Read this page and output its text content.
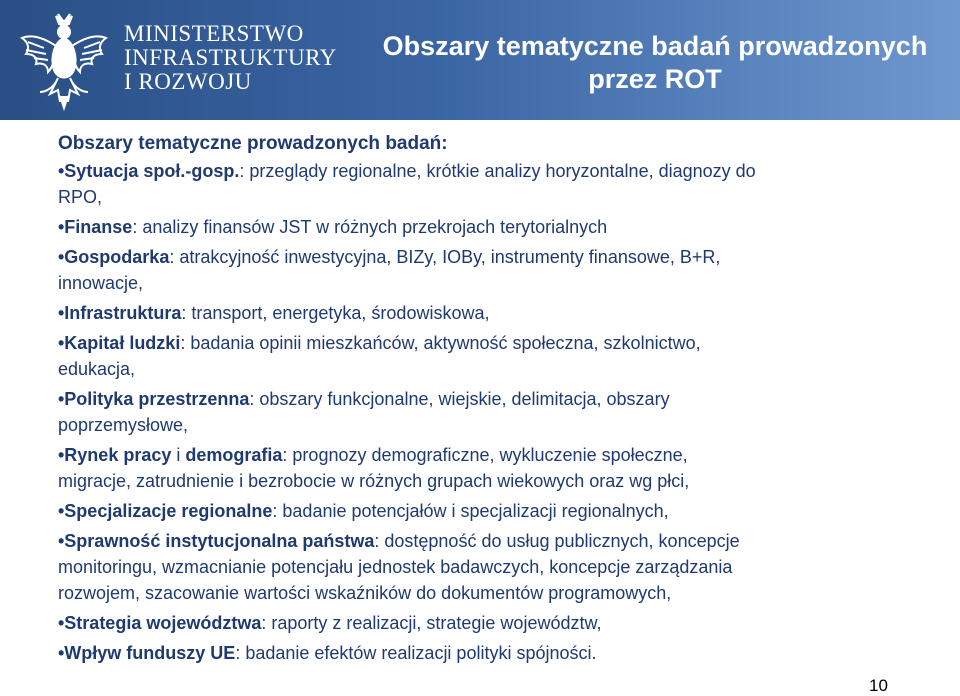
MINISTERSTWO
INFRASTRUKTURY
I ROZWOJU
Obszary tematyczne badań prowadzonych
przez ROT
Obszary tematyczne prowadzonych badań:
•Sytuacja społ.-gosp.: przeglądy regionalne, krótkie analizy horyzontalne, diagnozy do
RPO,
•Finanse: analizy finansów JST w różnych przekrojach terytorialnych
•Gospodarka: atrakcyjność inwestycyjna, BIZy, IOBy, instrumenty finansowe, B+R,
innowacje,
•Infrastruktura: transport, energetyka, środowiskowa,
•Kapitał ludzki: badania opinii mieszkańców, aktywność społeczna, szkolnictwo,
edukacja,
•Polityka przestrzenna: obszary funkcjonalne, wiejskie, delimitacja, obszary
poprzemysłowe,
•Rynek pracy i demografia: prognozy demograficzne, wykluczenie społeczne,
migracje, zatrudnienie i bezrobocie w różnych grupach wiekowych oraz wg płci,
•Specjalizacje regionalne: badanie potencjałów i specjalizacji regionalnych,
•Sprawność instytucjonalna państwa: dostępność do usług publicznych, koncepcje
monitoringu, wzmacnianie potencjału jednostek badawczych, koncepcje zarządzania
rozwojem, szacowanie wartości wskaźników do dokumentów programowych,
•Strategia województwa: raporty z realizacji, strategie województw,
•Wpływ funduszy UE: badanie efektów realizacji polityki spójności.
10
